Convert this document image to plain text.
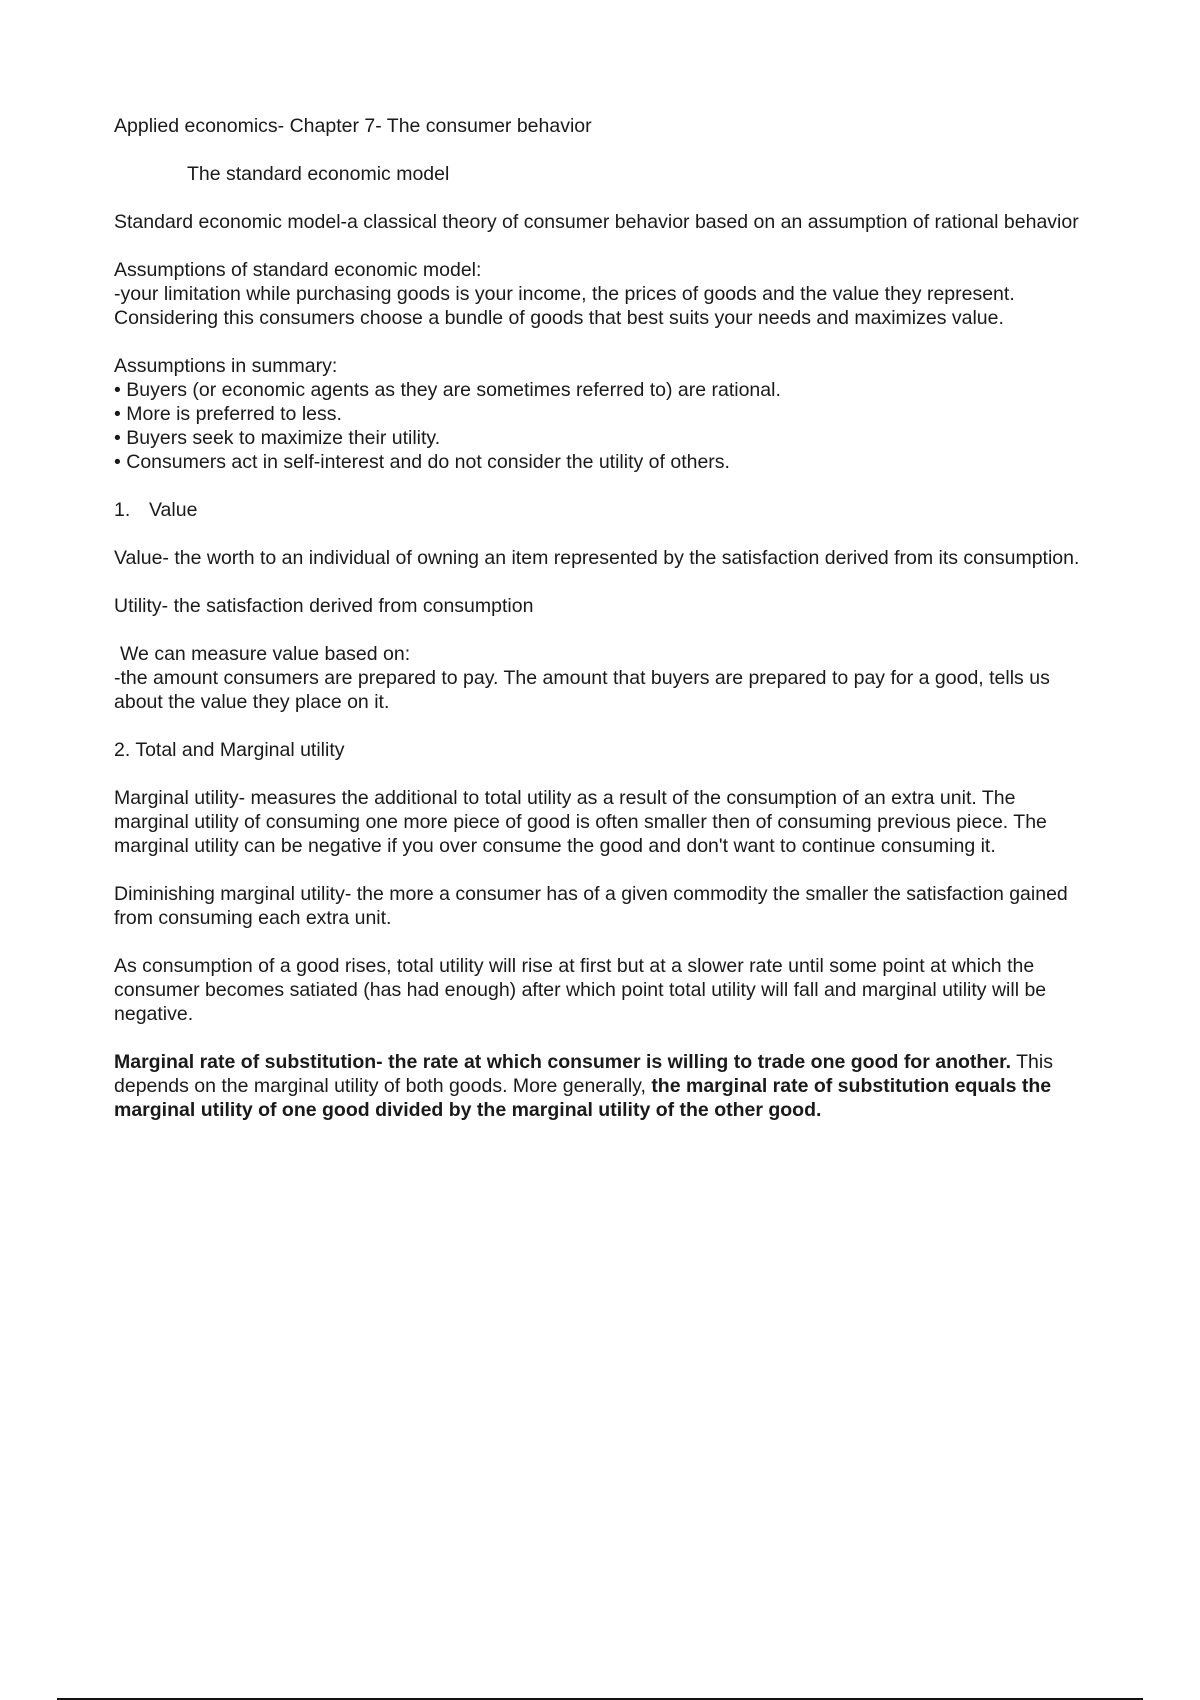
Applied economics- Chapter 7- The consumer behavior

The standard economic model

Standard economic model-a classical theory of consumer behavior based on an assumption of rational behavior

Assumptions of standard economic model:

-your limitation while purchasing goods is your income, the prices of goods and the value they represent. Considering this consumers choose a bundle of goods that best suits your needs and maximizes value.

Assumptions in summary:

• Buyers (or economic agents as they are sometimes referred to) are rational.
• More is preferred to less.
• Buyers seek to maximize their utility.
• Consumers act in self-interest and do not consider the utility of others.

1. Value

Value- the worth to an individual of owning an item represented by the satisfaction derived from its consumption.

Utility- the satisfaction derived from consumption

We can measure value based on:

-the amount consumers are prepared to pay. The amount that buyers are prepared to pay for a good, tells us about the value they place on it.

2. Total and Marginal utility

Marginal utility- measures the additional to total utility as a result of the consumption of an extra unit. The marginal utility of consuming one more piece of good is often smaller then of consuming previous piece. The marginal utility can be negative if you over consume the good and don't want to continue consuming it.

Diminishing marginal utility- the more a consumer has of a given commodity the smaller the satisfaction gained from consuming each extra unit.

As consumption of a good rises, total utility will rise at first but at a slower rate until some point at which the consumer becomes satiated (has had enough) after which point total utility will fall and marginal utility will be negative.

Marginal rate of substitution- the rate at which consumer is willing to trade one good for another. This depends on the marginal utility of both goods. More generally, the marginal rate of substitution equals the marginal utility of one good divided by the marginal utility of the other good.
